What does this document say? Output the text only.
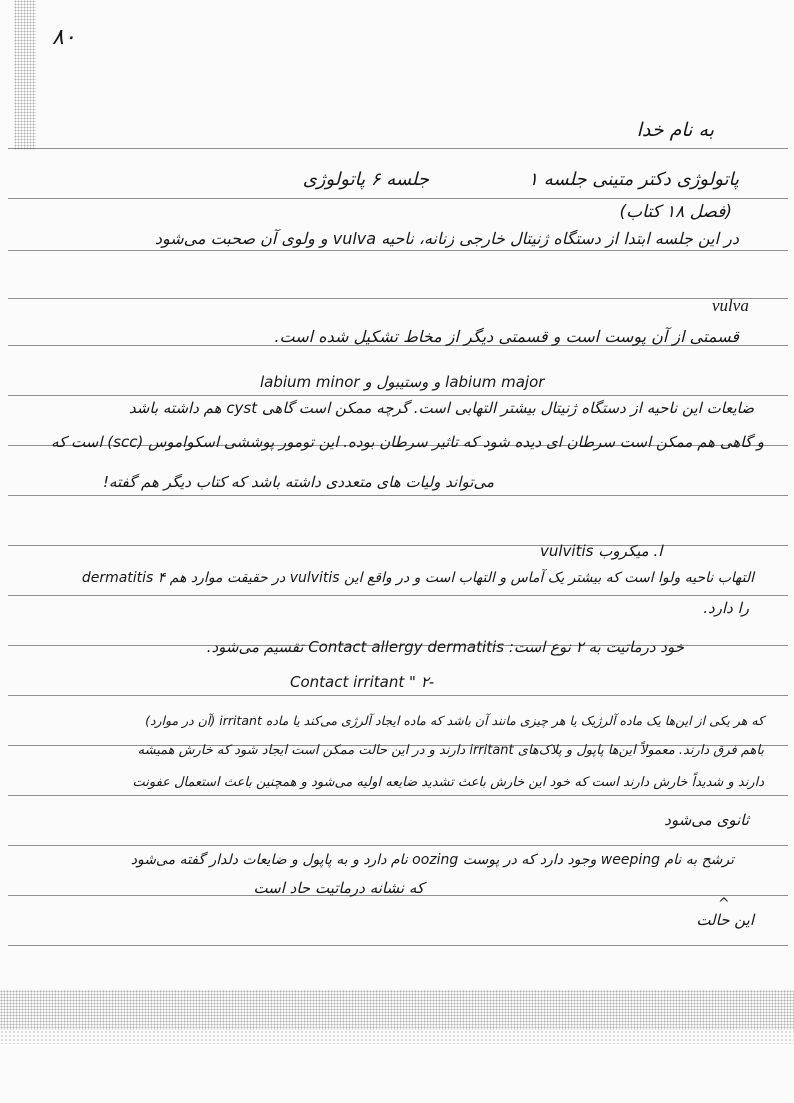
۸۰
به نام خدا
پاتولوژی دکتر متینی جلسه ۱
جلسه ۶ پاتولوژی
(فصل ۱۸ کتاب)
در این جلسه ابتدا از دستگاه ژنیتال خارجی زنانه، ناحیه vulva و ولوی آن صحبت می‌شود
vulva
قسمتی از آن پوست است و قسمتی دیگر از مخاط تشکیل شده است.
labium minor و وستیبول و labium major
ضایعات این ناحیه از دستگاه ژنیتال بیشتر التهابی است. گرچه ممکن است گاهی cyst هم داشته باشد
و گاهی هم ممکن است سرطان ای دیده شود که تاثیر سرطان بوده. این تومور پوششی اسکواموس (scc) است که
می‌تواند ولیات های متعددی داشته باشد که کتاب دیگر هم گفته!
vulvitis ا. میکروب
التهاب ناحیه ولوا است که بیشتر یک آماس و التهاب است و در واقع این vulvitis در حقیقت موارد هم ۴ dermatitis
را دارد.
خود درماتیت به ۲ نوع است: Contact allergy dermatitis تقسیم می‌شود.
Contact irritant " ۲-
که هر یکی از این‌ها یک ماده آلرژیک یا هر چیزی مانند آن باشد که ماده ایجاد آلرژی می‌کند یا ماده irritant (آن در موارد)
باهم فرق دارند. معمولاً این‌ها پاپول و پلاک‌های irritant دارند و در این حالت ممکن است ایجاد شود که خارش همیشه
دارند و شدیداً خارش دارند است که خود این خارش باعث تشدید ضایعه اولیه می‌شود و همچنین باعث استعمال عفونت
ثانوی می‌شود
ترشح به نام weeping وجود دارد که در پوست oozing نام دارد و به پاپول و ضایعات دلدار گفته می‌شود
که نشانه درماتیت حاد است
^
این حالت
